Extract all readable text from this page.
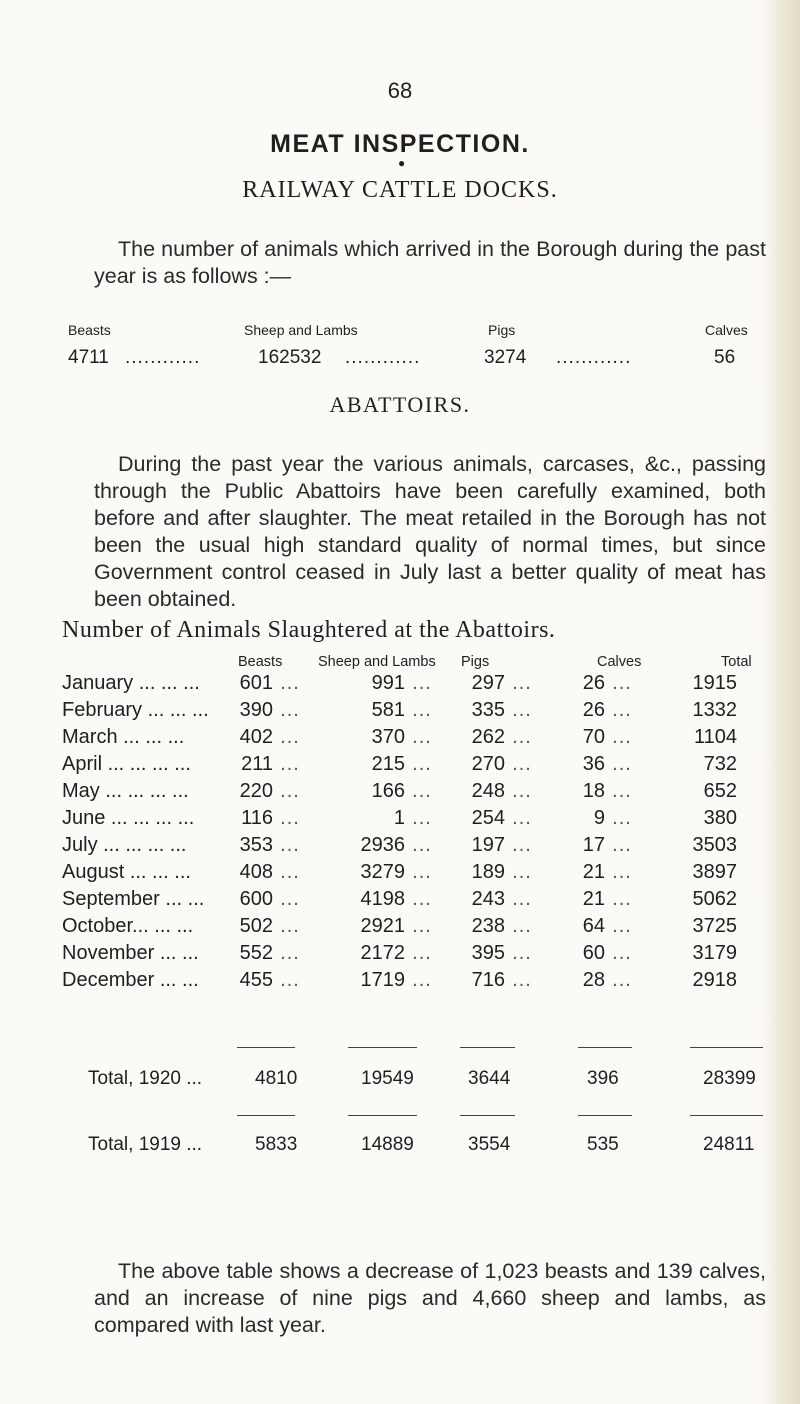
68
MEAT INSPECTION.
●
RAILWAY CATTLE DOCKS.
The number of animals which arrived in the Borough during the past year is as follows :—
Beasts	Sheep and Lambs	Pigs	Calves
4711 ............	162532 ............	3274 ............	56
ABATTOIRS.
During the past year the various animals, carcases, &c., passing through the Public Abattoirs have been carefully examined, both before and after slaughter. The meat retailed in the Borough has not been the usual high standard quality of normal times, but since Government control ceased in July last a better quality of meat has been obtained.
Number of Animals Slaughtered at the Abattoirs.
Beasts Sheep and Lambs Pigs	Calves	Total
January ... ... ...	601	...	991	...	297	...	26	...	1915
February ... ... ...	390	...	581	...	335	...	26	...	1332
March ... ... ...	402	...	370	...	262	...	70	...	1104
April ... ... ... ...	211	...	215	...	270	...	36	...	732
May ... ... ... ...	220	...	166	...	248	...	18	...	652
June ... ... ... ...	116	...	1	...	254	...	9	...	380
July ... ... ... ...	353	...	2936	...	197	...	17	...	3503
August ... ... ...	408	...	3279	...	189	...	21	...	3897
September ... ...	600	...	4198	...	243	...	21	...	5062
October... ... ...	502	...	2921	...	238	...	64	...	3725
November ... ...	552	...	2172	...	395	...	60	...	3179
December ... ...	455	...	1719	...	716	...	28	...	2918
Total, 1920 ...	4810	19549	3644	396	28399
Total, 1919 ...	5833	14889	3554	535	24811
The above table shows a decrease of 1,023 beasts and 139 calves, and an increase of nine pigs and 4,660 sheep and lambs, as compared with last year.
